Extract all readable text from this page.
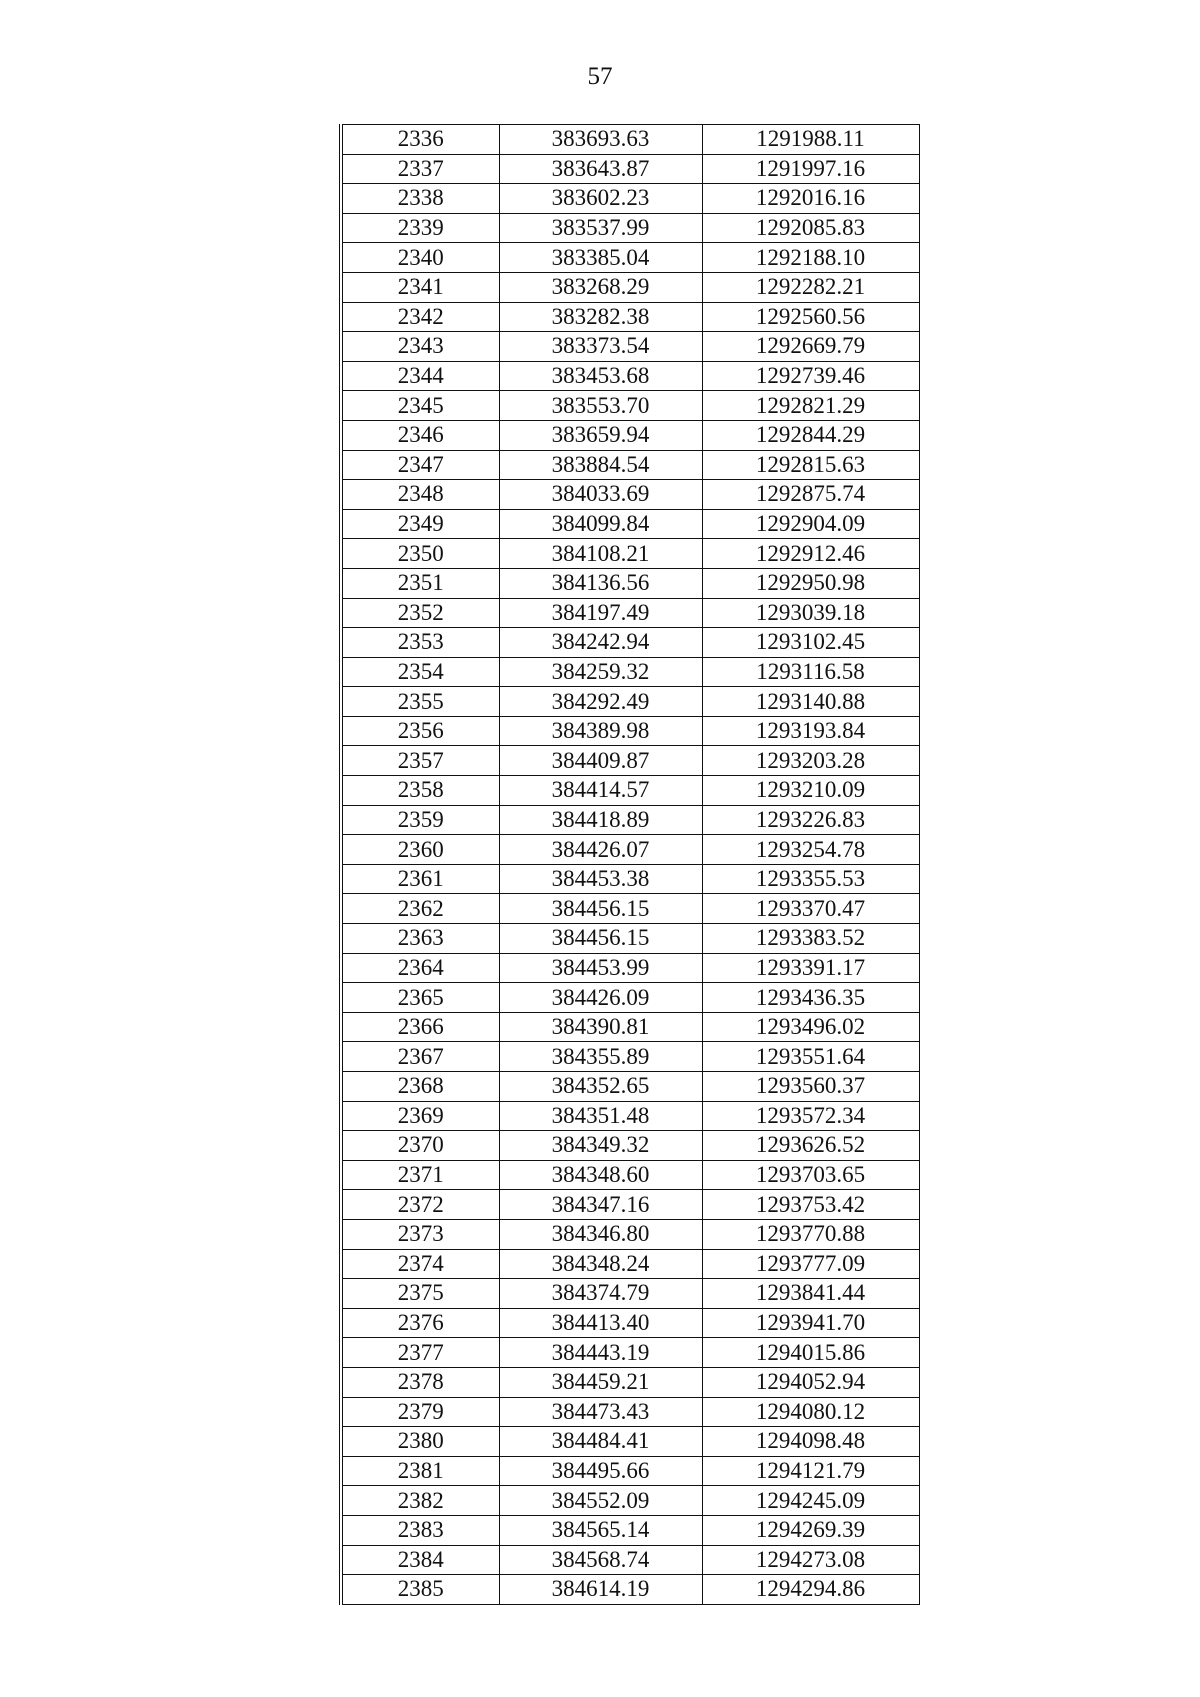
57
2336	383693.63	1291988.11
2337	383643.87	1291997.16
2338	383602.23	1292016.16
2339	383537.99	1292085.83
2340	383385.04	1292188.10
2341	383268.29	1292282.21
2342	383282.38	1292560.56
2343	383373.54	1292669.79
2344	383453.68	1292739.46
2345	383553.70	1292821.29
2346	383659.94	1292844.29
2347	383884.54	1292815.63
2348	384033.69	1292875.74
2349	384099.84	1292904.09
2350	384108.21	1292912.46
2351	384136.56	1292950.98
2352	384197.49	1293039.18
2353	384242.94	1293102.45
2354	384259.32	1293116.58
2355	384292.49	1293140.88
2356	384389.98	1293193.84
2357	384409.87	1293203.28
2358	384414.57	1293210.09
2359	384418.89	1293226.83
2360	384426.07	1293254.78
2361	384453.38	1293355.53
2362	384456.15	1293370.47
2363	384456.15	1293383.52
2364	384453.99	1293391.17
2365	384426.09	1293436.35
2366	384390.81	1293496.02
2367	384355.89	1293551.64
2368	384352.65	1293560.37
2369	384351.48	1293572.34
2370	384349.32	1293626.52
2371	384348.60	1293703.65
2372	384347.16	1293753.42
2373	384346.80	1293770.88
2374	384348.24	1293777.09
2375	384374.79	1293841.44
2376	384413.40	1293941.70
2377	384443.19	1294015.86
2378	384459.21	1294052.94
2379	384473.43	1294080.12
2380	384484.41	1294098.48
2381	384495.66	1294121.79
2382	384552.09	1294245.09
2383	384565.14	1294269.39
2384	384568.74	1294273.08
2385	384614.19	1294294.86
